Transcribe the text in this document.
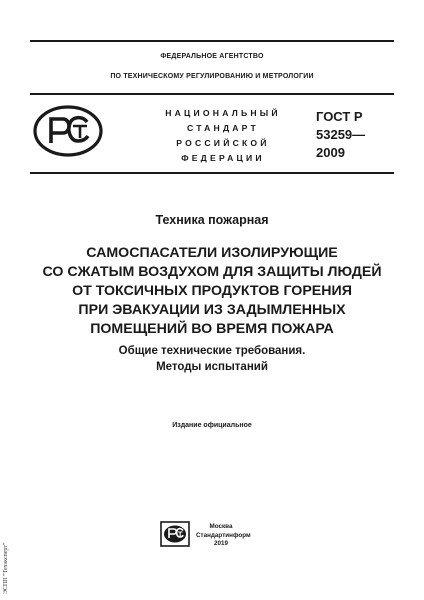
ФЕДЕРАЛЬНОЕ АГЕНТСТВО
ПО ТЕХНИЧЕСКОМУ РЕГУЛИРОВАНИЮ И МЕТРОЛОГИИ
НАЦИОНАЛЬНЫЙ
СТАНДАРТ
РОССИЙСКОЙ
ФЕДЕРАЦИИ
ГОСТ Р
53259—
2009
Техника пожарная
САМОСПАСАТЕЛИ ИЗОЛИРУЮЩИЕ
СО СЖАТЫМ ВОЗДУХОМ ДЛЯ ЗАЩИТЫ ЛЮДЕЙ
ОТ ТОКСИЧНЫХ ПРОДУКТОВ ГОРЕНИЯ
ПРИ ЭВАКУАЦИИ ИЗ ЗАДЫМЛЕННЫХ
ПОМЕЩЕНИЙ ВО ВРЕМЯ ПОЖАРА
Общие технические требования.
Методы испытаний
Издание официальное
Москва
Стандартинформ
2019
ЭСПП "Техэксперт"
